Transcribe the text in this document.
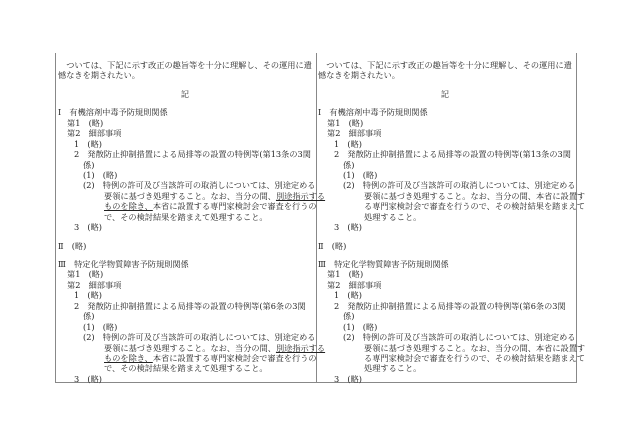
　ついては、下記に示す改正の趣旨等を十分に理解し、その運用に遺
憾なきを期されたい。
記
Ⅰ　有機溶剤中毒予防規則関係
第1　(略)
第2　細部事項
1　(略)
2　発散防止抑制措置による局排等の設置の特例等(第13条の3関
係)
(1)　(略)
(2)　特例の許可及び当該許可の取消しについては、別途定める
要領に基づき処理すること。なお、当分の間、別途指示する
ものを除き、本省に設置する専門家検討会で審査を行うの
で、その検討結果を踏まえて処理すること。
3　(略)
Ⅱ　(略)
Ⅲ　特定化学物質障害予防規則関係
第1　(略)
第2　細部事項
1　(略)
2　発散防止抑制措置による局排等の設置の特例等(第6条の3関
係)
(1)　(略)
(2)　特例の許可及び当該許可の取消しについては、別途定める
要領に基づき処理すること。なお、当分の間、別途指示する
ものを除き、本省に設置する専門家検討会で審査を行うの
で、その検討結果を踏まえて処理すること。
3　(略)
　ついては、下記に示す改正の趣旨等を十分に理解し、その運用に遺
憾なきを期されたい。
記
Ⅰ　有機溶剤中毒予防規則関係
第1　(略)
第2　細部事項
1　(略)
2　発散防止抑制措置による局排等の設置の特例等(第13条の3関
係)
(1)　(略)
(2)　特例の許可及び当該許可の取消しについては、別途定める
要領に基づき処理すること。なお、当分の間、本省に設置す
る専門家検討会で審査を行うので、その検討結果を踏まえて
処理すること。
3　(略)
Ⅱ　(略)
Ⅲ　特定化学物質障害予防規則関係
第1　(略)
第2　細部事項
1　(略)
2　発散防止抑制措置による局排等の設置の特例等(第6条の3関
係)
(1)　(略)
(2)　特例の許可及び当該許可の取消しについては、別途定める
要領に基づき処理すること。なお、当分の間、本省に設置す
る専門家検討会で審査を行うので、その検討結果を踏まえて
処理すること。
3　(略)
